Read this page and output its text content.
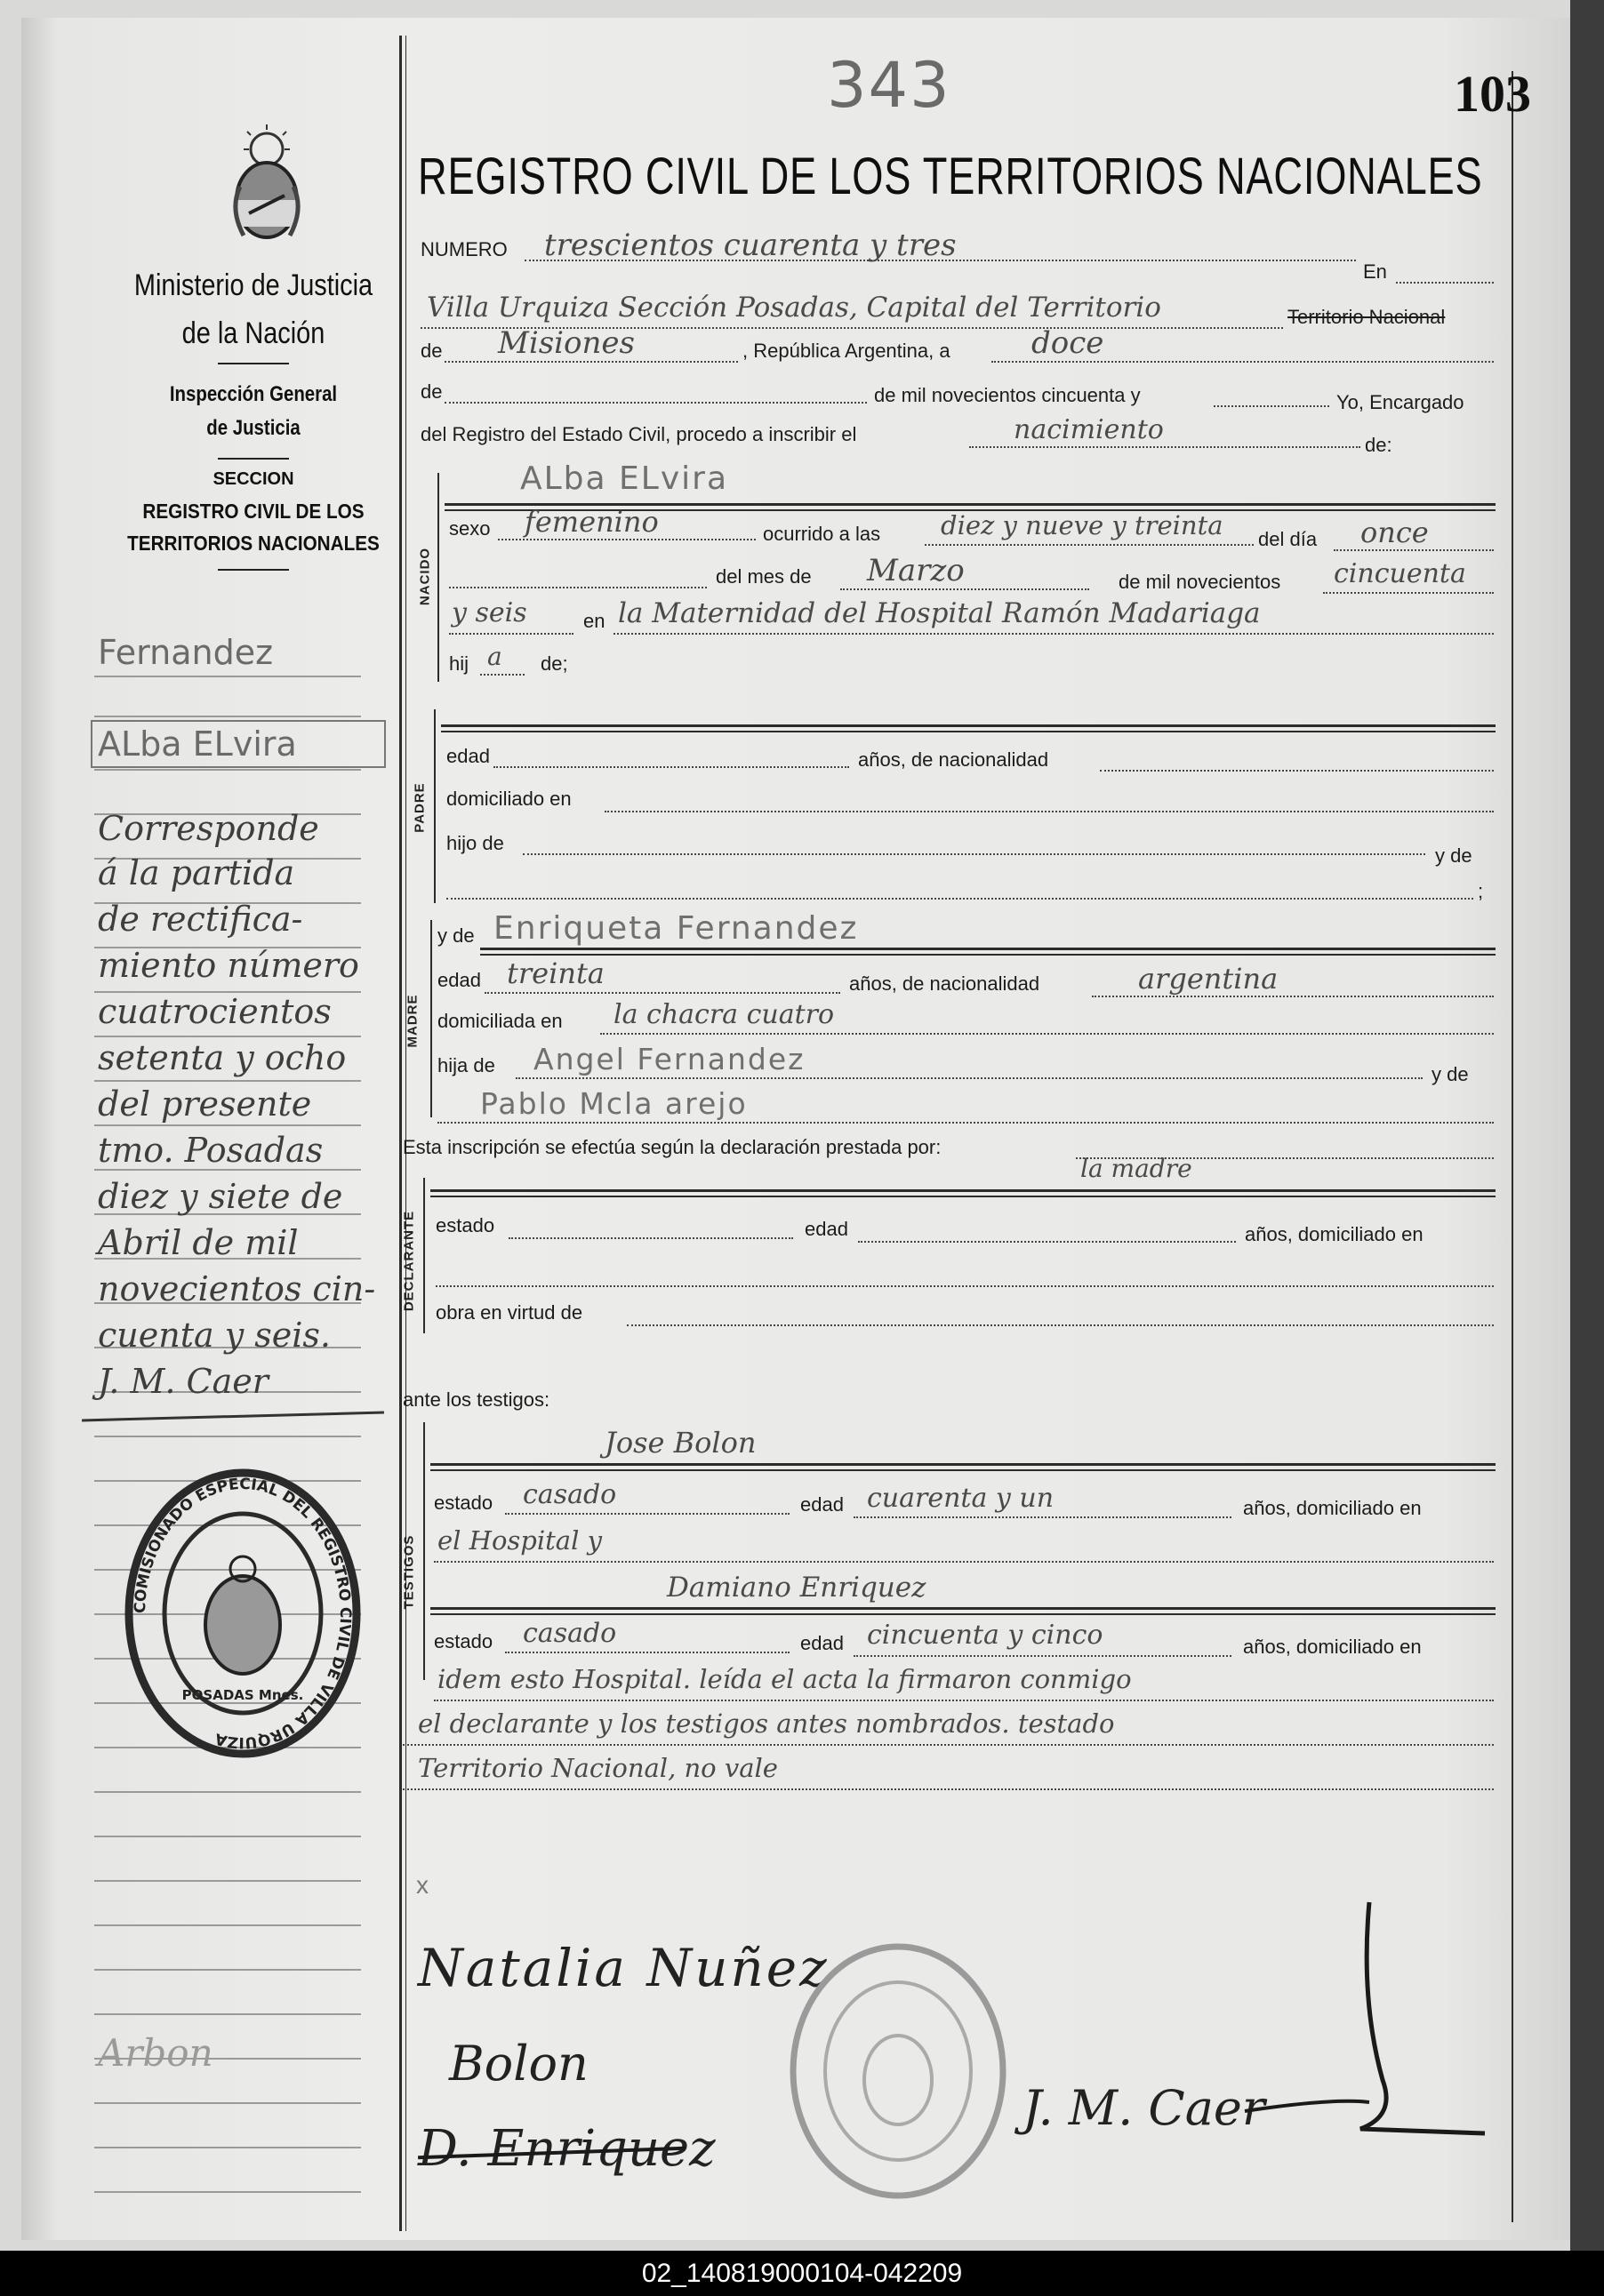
343	103
Ministerio de Justicia
de la Nación
Inspección General
de Justicia
SECCION
REGISTRO CIVIL DE LOS
TERRITORIOS NACIONALES
Fernandez
ALba ELvira
Corresponde
á la partida
de rectifica-
miento número
cuatrocientos
setenta y ocho
del presente
tmo. Posadas
diez y siete de
Abril de mil
novecientos cin-
cuenta y seis.
J. M. Caer
Arbon
COMISIONADO ESPECIAL DEL REGISTRO CIVIL DE VILLA URQUIZA
POSADAS Mnes.
REGISTRO CIVIL DE LOS TERRITORIOS NACIONALES
NUMERO trescientos cuarenta y tres
En
Villa Urquiza Sección Posadas, Capital del Territorio	Territorio Nacional
de Misiones	, República Argentina, a	doce
de	de mil novecientos cincuenta y	Yo, Encargado
del Registro del Estado Civil, procedo a inscribir el	nacimiento	de:
NACIDO
ALba ELvira
sexo femenino	ocurrido a las diez y nueve y treinta del día once
del mes de Marzo	de mil novecientos cincuenta
y seis	en la Maternidad del Hospital Ramón Madariaga
hij a de;
PADRE
edad	años, de nacionalidad
domiciliado en
hijo de
y de
;
MADRE
y de Enriqueta Fernandez
edad treinta	años, de nacionalidad	argentina
domiciliada en la chacra cuatro
hija de Angel Fernandez	y de
Pablo Mcla arejo
Esta inscripción se efectúa según la declaración prestada por:
la madre
DECLARANTE estado	edad	años, domiciliado en
obra en virtud de
ante los testigos:
TESTIGOS
Jose Bolon
estado casado	edad cuarenta y un	años, domiciliado en
el Hospital y
Damiano Enriquez
estado casado	edad cincuenta y cinco	años, domiciliado en
idem esto Hospital. leída el acta la firmaron conmigo
el declarante y los testigos antes nombrados. testado
Territorio Nacional, no vale
x
Natalia Nuñez
Bolon
D. Enriquez
J. M. Caer
02_140819000104-042209
